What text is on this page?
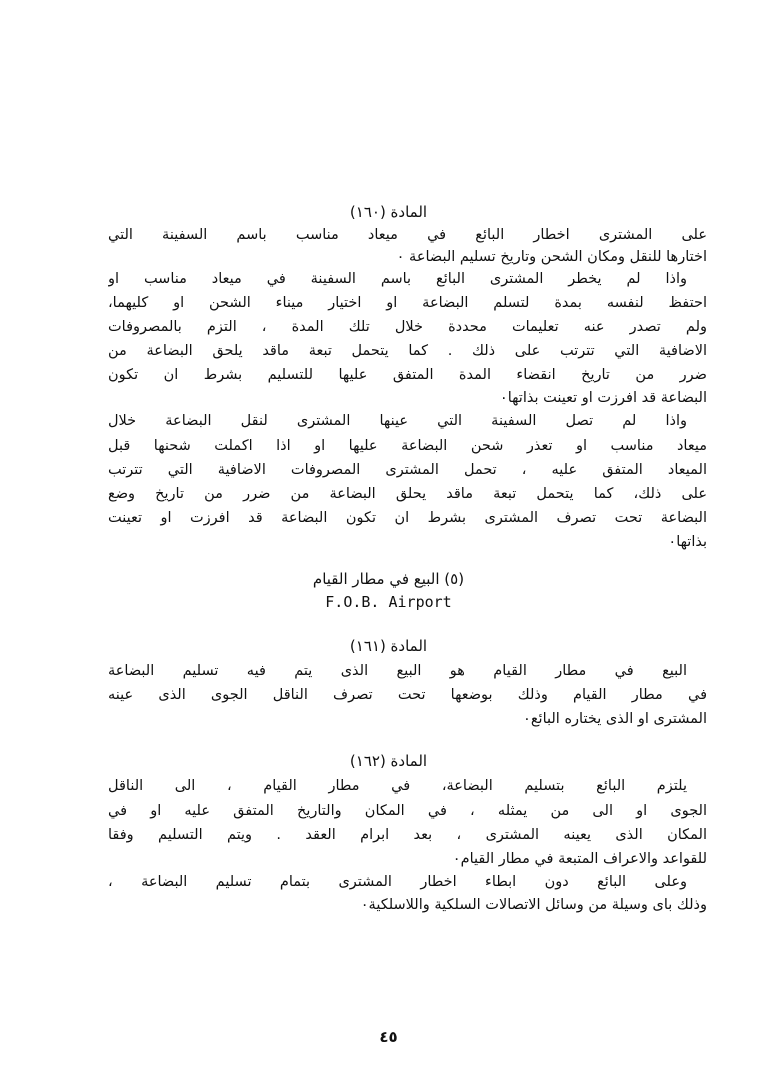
المادة (١٦٠)
على المشترى اخطار البائع في ميعاد مناسب باسم السفينة التي
اختارها للنقل ومكان الشحن وتاريخ تسليم البضاعة ٠
واذا لم يخطر المشترى البائع باسم السفينة في ميعاد مناسب او
احتفظ لنفسه بمدة لتسلم البضاعة او اختيار ميناء الشحن او كليهما،
ولم تصدر عنه تعليمات محددة خلال تلك المدة ، التزم بالمصروفات
الاضافية التي تترتب على ذلك . كما يتحمل تبعة ماقد يلحق البضاعة من
ضرر من تاريخ انقضاء المدة المتفق عليها للتسليم بشرط ان تكون
البضاعة قد افرزت او تعينت بذاتها٠
واذا لم تصل السفينة التي عينها المشترى لنقل البضاعة خلال
ميعاد مناسب او تعذر شحن البضاعة عليها او اذا اكملت شحنها قبل
الميعاد المتفق عليه ، تحمل المشترى المصروفات الاضافية التي تترتب
على ذلك، كما يتحمل تبعة ماقد يحلق البضاعة من ضرر من تاريخ وضع
البضاعة تحت تصرف المشترى بشرط ان تكون البضاعة قد افرزت او تعينت
بذاتها٠
(٥) البيع في مطار القيام
F.O.B. Airport
المادة (١٦١)
البيع في مطار القيام هو البيع الذى يتم فيه تسليم البضاعة
في مطار القيام وذلك بوضعها تحت تصرف الناقل الجوى الذى عينه
المشترى او الذى يختاره البائع٠
المادة (١٦٢)
يلتزم البائع بتسليم البضاعة، في مطار القيام ، الى الناقل
الجوى او الى من يمثله ، في المكان والتاريخ المتفق عليه او في
المكان الذى يعينه المشترى ، بعد ابرام العقد . ويتم التسليم وفقا
للقواعد والاعراف المتبعة في مطار القيام٠
وعلى البائع دون ابطاء اخطار المشترى بتمام تسليم البضاعة ،
وذلك باى وسيلة من وسائل الاتصالات السلكية واللاسلكية٠
٤٥
